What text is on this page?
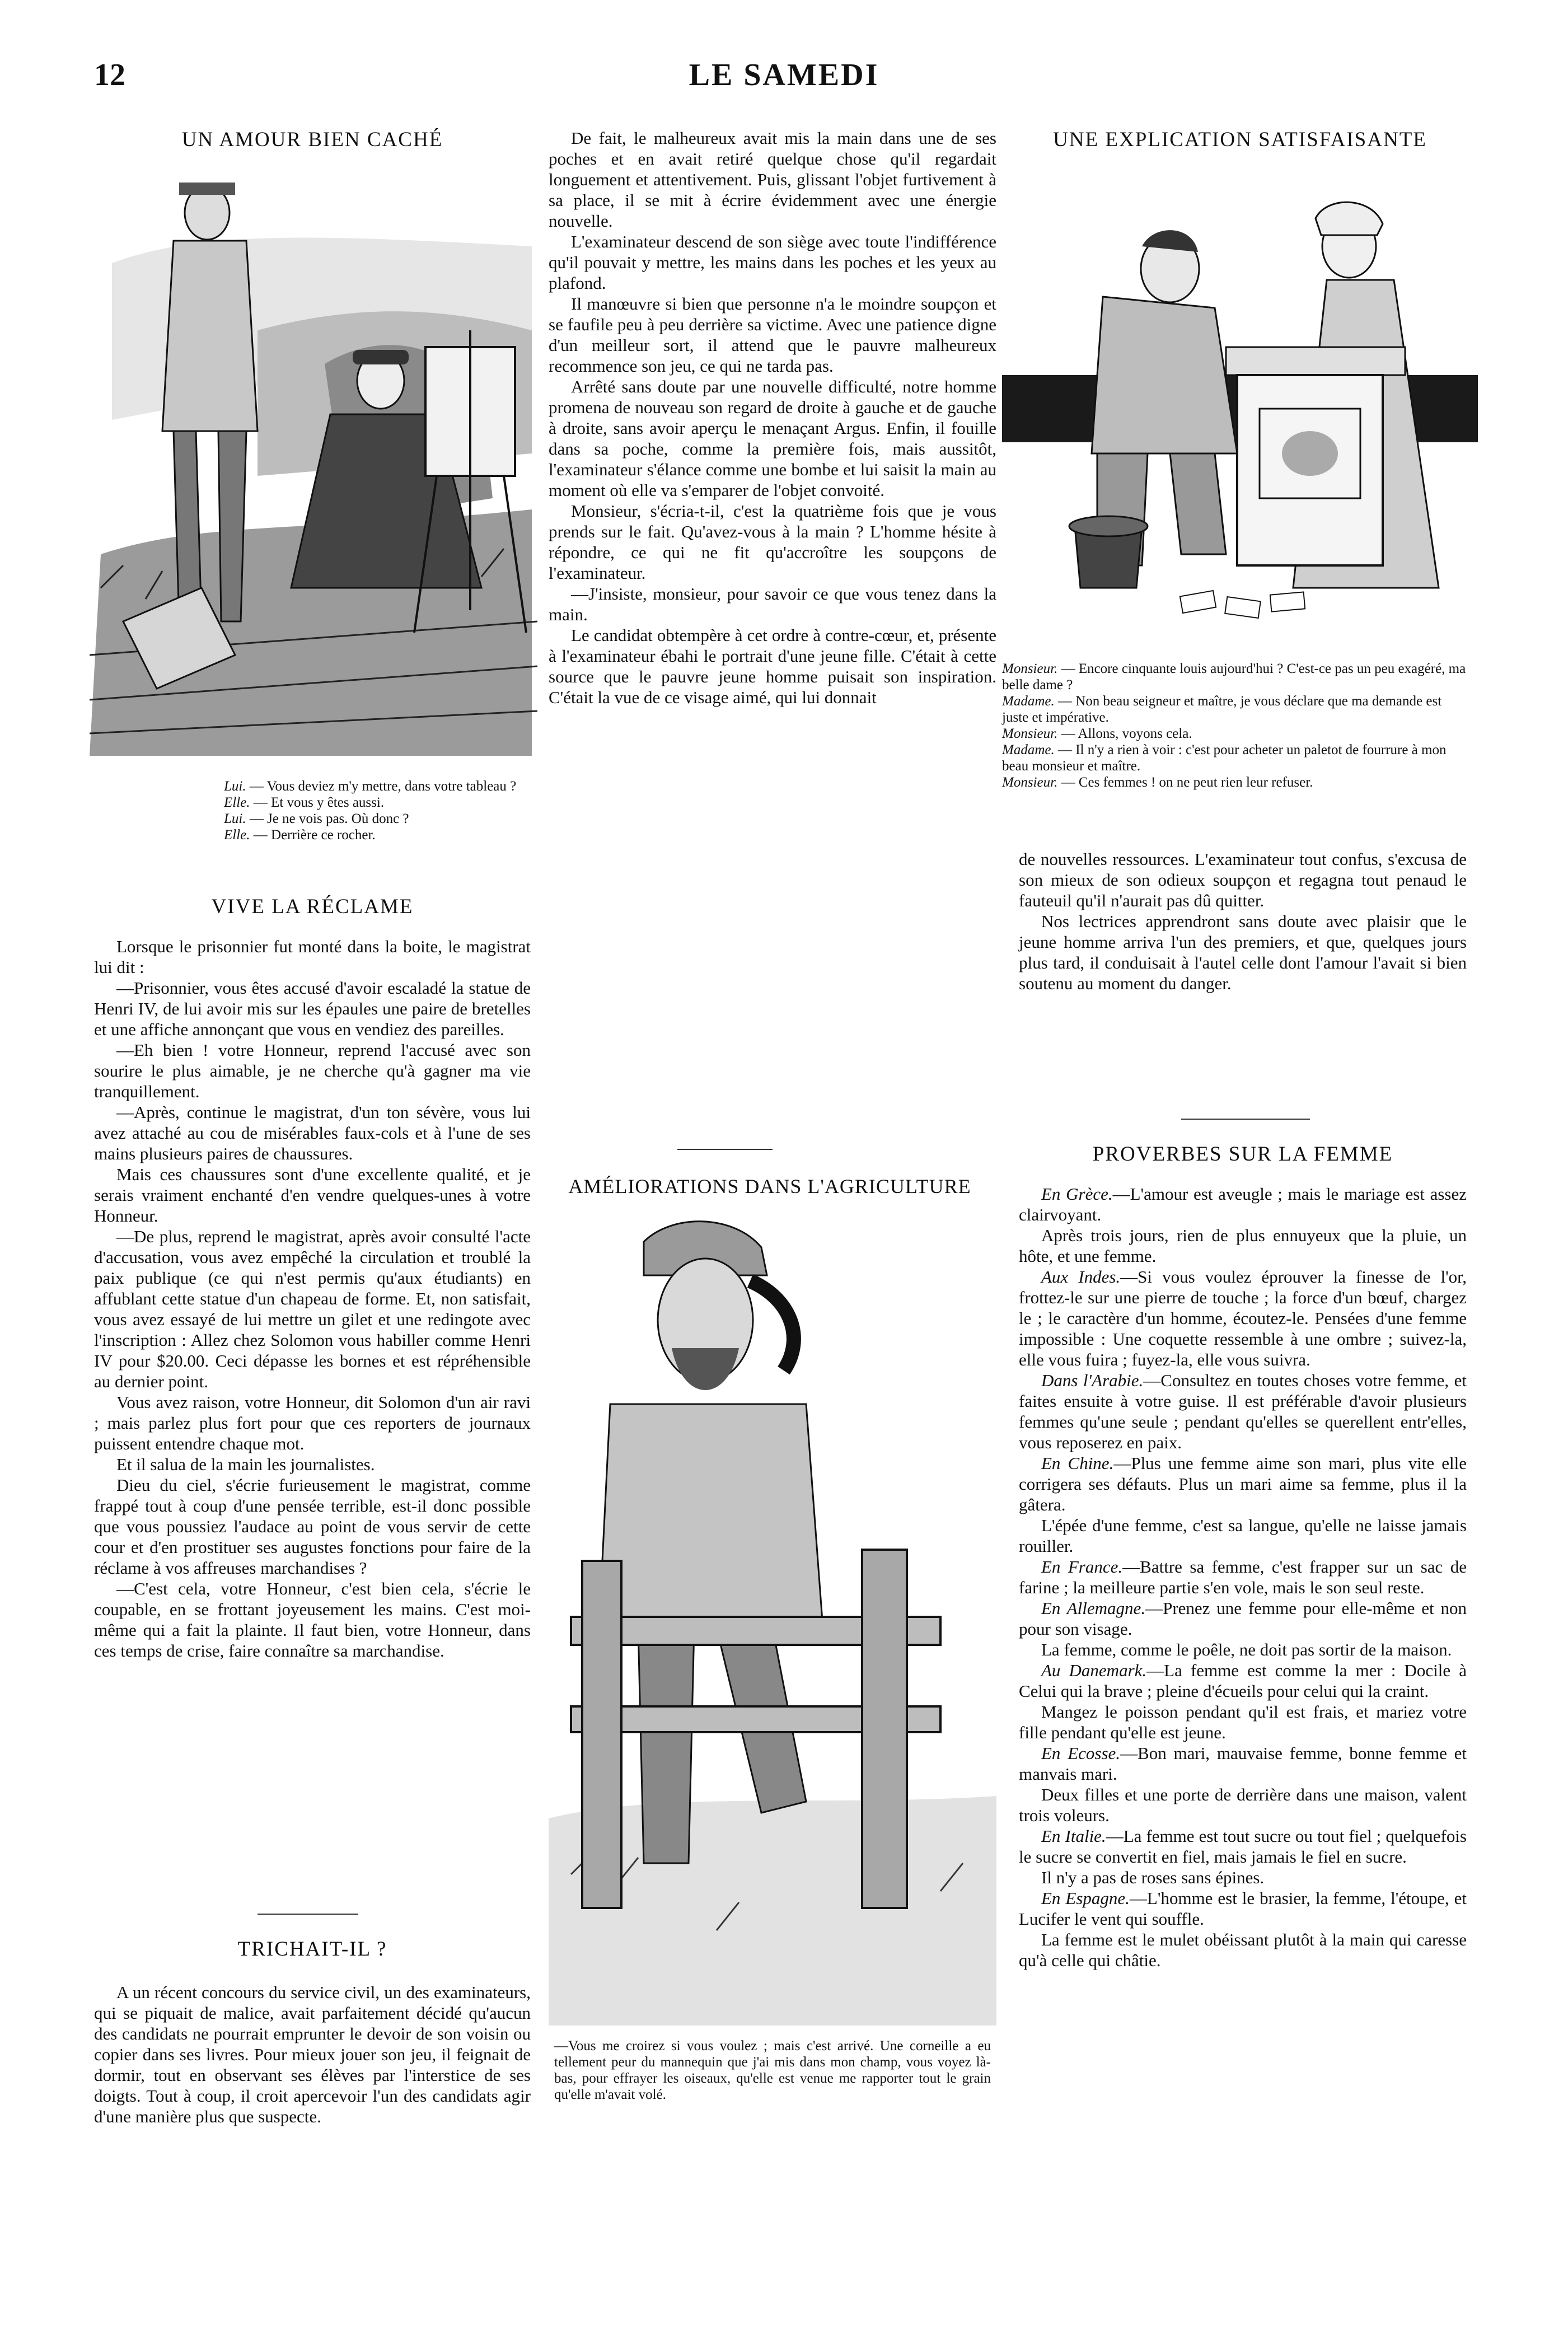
12	LE SAMEDI
UN AMOUR BIEN CACHÉ

Lui. — Vous deviez m'y mettre, dans votre tableau ?

Elle. — Et vous y êtes aussi.

Lui. — Je ne vois pas. Où donc ?

Elle. — Derrière ce rocher.

VIVE LA RÉCLAME

Lorsque le prisonnier fut monté dans la boite, le magistrat lui dit :

—Prisonnier, vous êtes accusé d'avoir escaladé la statue de Henri IV, de lui avoir mis sur les épaules une paire de bretelles et une affiche annonçant que vous en vendiez des pareilles.

—Eh bien ! votre Honneur, reprend l'accusé avec son sourire le plus aimable, je ne cherche qu'à gagner ma vie tranquillement.

—Après, continue le magistrat, d'un ton sévère, vous lui avez attaché au cou de misérables faux-cols et à l'une de ses mains plusieurs paires de chaussures.

Mais ces chaussures sont d'une excellente qualité, et je serais vraiment enchanté d'en vendre quelques-unes à votre Honneur.

—De plus, reprend le magistrat, après avoir consulté l'acte d'accusation, vous avez empêché la circulation et troublé la paix publique (ce qui n'est permis qu'aux étudiants) en affublant cette statue d'un chapeau de forme. Et, non satisfait, vous avez essayé de lui mettre un gilet et une redingote avec l'inscription : Allez chez Solomon vous habiller comme Henri IV pour $20.00. Ceci dépasse les bornes et est répréhensible au dernier point.

Vous avez raison, votre Honneur, dit Solomon d'un air ravi ; mais parlez plus fort pour que ces reporters de journaux puissent entendre chaque mot.

Et il salua de la main les journalistes.

Dieu du ciel, s'écrie furieusement le magistrat, comme frappé tout à coup d'une pensée terrible, est-il donc possible que vous poussiez l'audace au point de vous servir de cette cour et d'en prostituer ses augustes fonctions pour faire de la réclame à vos affreuses marchandises ?

—C'est cela, votre Honneur, c'est bien cela, s'écrie le coupable, en se frottant joyeusement les mains. C'est moi-même qui a fait la plainte. Il faut bien, votre Honneur, dans ces temps de crise, faire connaître sa marchandise.

TRICHAIT-IL ?

A un récent concours du service civil, un des examinateurs, qui se piquait de malice, avait parfaitement décidé qu'aucun des candidats ne pourrait emprunter le devoir de son voisin ou copier dans ses livres. Pour mieux jouer son jeu, il feignait de dormir, tout en observant ses élèves par l'interstice de ses doigts. Tout à coup, il croit apercevoir l'un des candidats agir d'une manière plus que suspecte.

De fait, le malheureux avait mis la main dans une de ses poches et en avait retiré quelque chose qu'il regardait longuement et attentivement. Puis, glissant l'objet furtivement à sa place, il se mit à écrire évidemment avec une énergie nouvelle.

L'examinateur descend de son siège avec toute l'indifférence qu'il pouvait y mettre, les mains dans les poches et les yeux au plafond.

Il manœuvre si bien que personne n'a le moindre soupçon et se faufile peu à peu derrière sa victime. Avec une patience digne d'un meilleur sort, il attend que le pauvre malheureux recommence son jeu, ce qui ne tarda pas.

Arrêté sans doute par une nouvelle difficulté, notre homme promena de nouveau son regard de droite à gauche et de gauche à droite, sans avoir aperçu le menaçant Argus. Enfin, il fouille dans sa poche, comme la première fois, mais aussitôt, l'examinateur s'élance comme une bombe et lui saisit la main au moment où elle va s'emparer de l'objet convoité.

Monsieur, s'écria-t-il, c'est la quatrième fois que je vous prends sur le fait. Qu'avez-vous à la main ? L'homme hésite à répondre, ce qui ne fit qu'accroître les soupçons de l'examinateur.

—J'insiste, monsieur, pour savoir ce que vous tenez dans la main.

Le candidat obtempère à cet ordre à contre-cœur, et, présente à l'examinateur ébahi le portrait d'une jeune fille. C'était à cette source que le pauvre jeune homme puisait son inspiration. C'était la vue de ce visage aimé, qui lui donnait

UNE EXPLICATION SATISFAISANTE

Monsieur. — Encore cinquante louis aujourd'hui ? C'est-ce pas un peu exagéré, ma belle dame ?

Madame. — Non beau seigneur et maître, je vous déclare que ma demande est juste et impérative.

Monsieur. — Allons, voyons cela.

Madame. — Il n'y a rien à voir : c'est pour acheter un paletot de fourrure à mon beau monsieur et maître.

Monsieur. — Ces femmes ! on ne peut rien leur refuser.

de nouvelles ressources. L'examinateur tout confus, s'excusa de son mieux de son odieux soupçon et regagna tout penaud le fauteuil qu'il n'aurait pas dû quitter.

Nos lectrices apprendront sans doute avec plaisir que le jeune homme arriva l'un des premiers, et que, quelques jours plus tard, il conduisait à l'autel celle dont l'amour l'avait si bien soutenu au moment du danger.

AMÉLIORATIONS DANS L'AGRICULTURE
—Vous me croirez si vous voulez ; mais c'est arrivé. Une corneille a eu tellement peur du mannequin que j'ai mis dans mon champ, vous voyez là-bas, pour effrayer les oiseaux, qu'elle est venue me rapporter tout le grain qu'elle m'avait volé.
PROVERBES SUR LA FEMME

En Grèce.—L'amour est aveugle ; mais le mariage est assez clairvoyant.

Après trois jours, rien de plus ennuyeux que la pluie, un hôte, et une femme.

Aux Indes.—Si vous voulez éprouver la finesse de l'or, frottez-le sur une pierre de touche ; la force d'un bœuf, chargez le ; le caractère d'un homme, écoutez-le. Pensées d'une femme impossible : Une coquette ressemble à une ombre ; suivez-la, elle vous fuira ; fuyez-la, elle vous suivra.

Dans l'Arabie.—Consultez en toutes choses votre femme, et faites ensuite à votre guise. Il est préférable d'avoir plusieurs femmes qu'une seule ; pendant qu'elles se querellent entr'elles, vous reposerez en paix.

En Chine.—Plus une femme aime son mari, plus vite elle corrigera ses défauts. Plus un mari aime sa femme, plus il la gâtera.

L'épée d'une femme, c'est sa langue, qu'elle ne laisse jamais rouiller.

En France.—Battre sa femme, c'est frapper sur un sac de farine ; la meilleure partie s'en vole, mais le son seul reste.

En Allemagne.—Prenez une femme pour elle-même et non pour son visage.

La femme, comme le poêle, ne doit pas sortir de la maison.

Au Danemark.—La femme est comme la mer : Docile à Celui qui la brave ; pleine d'écueils pour celui qui la craint.

Mangez le poisson pendant qu'il est frais, et mariez votre fille pendant qu'elle est jeune.

En Ecosse.—Bon mari, mauvaise femme, bonne femme et manvais mari.

Deux filles et une porte de derrière dans une maison, valent trois voleurs.

En Italie.—La femme est tout sucre ou tout fiel ; quelquefois le sucre se convertit en fiel, mais jamais le fiel en sucre.

Il n'y a pas de roses sans épines.

En Espagne.—L'homme est le brasier, la femme, l'étoupe, et Lucifer le vent qui souffle.

La femme est le mulet obéissant plutôt à la main qui caresse qu'à celle qui châtie.
